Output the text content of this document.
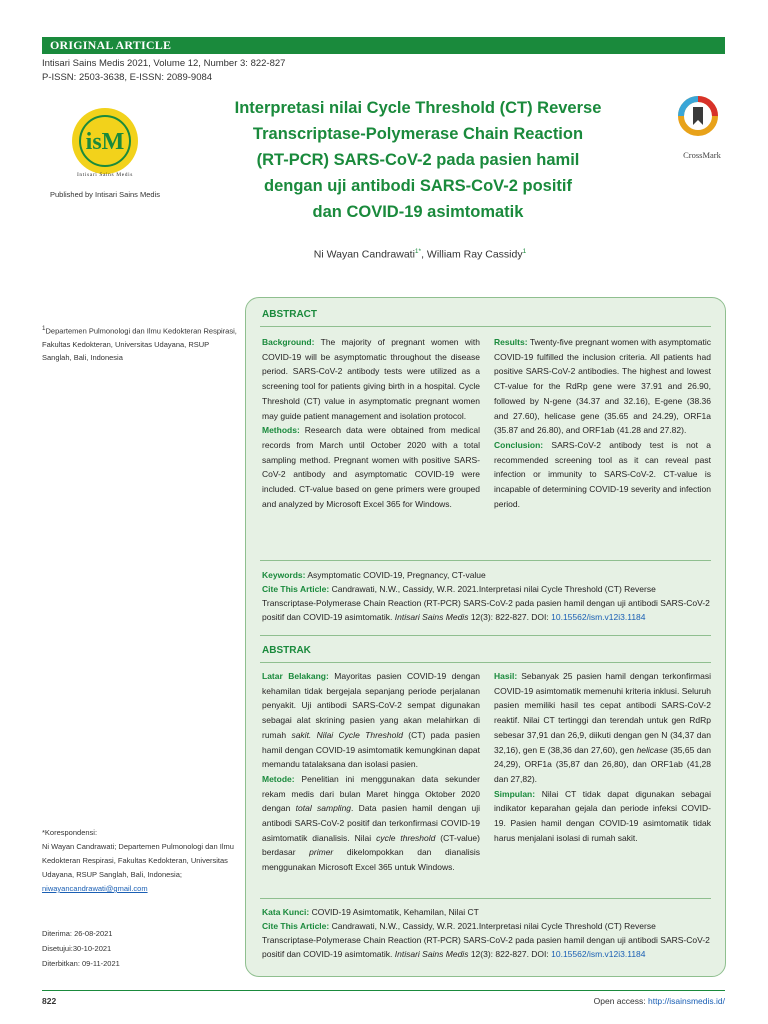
ORIGINAL ARTICLE
Intisari Sains Medis 2021, Volume 12, Number 3: 822-827
P-ISSN: 2503-3638, E-ISSN: 2089-9084
isM
Intisari Sains Medis
Published by Intisari Sains Medis
Interpretasi nilai Cycle Threshold (CT) Reverse
Transcriptase-Polymerase Chain Reaction
(RT-PCR) SARS-CoV-2 pada pasien hamil
dengan uji antibodi SARS-CoV-2 positif
dan COVID-19 asimtomatik
CrossMark
Ni Wayan Candrawati$^{1*}$, William Ray Cassidy$^1$
$^1$Departemen Pulmonologi dan Ilmu Kedokteran Respirasi, Fakultas Kedokteran, Universitas Udayana, RSUP Sanglah, Bali, Indonesia
ABSTRACT
Background: The majority of pregnant women with COVID-19 will be asymptomatic throughout the disease period. SARS-CoV-2 antibody tests were utilized as a screening tool for patients giving birth in a hospital. Cycle Threshold (CT) value in asymptomatic pregnant women may guide patient management and isolation protocol.
Methods: Research data were obtained from medical records from March until October 2020 with a total sampling method. Pregnant women with positive SARS-CoV-2 antibody and asymptomatic COVID-19 were included. CT-value based on gene primers were grouped and analyzed by Microsoft Excel 365 for Windows.
Results: Twenty-five pregnant women with asymptomatic COVID-19 fulfilled the inclusion criteria. All patients had positive SARS-CoV-2 antibodies. The highest and lowest CT-value for the RdRp gene were 37.91 and 26.90, followed by N-gene (34.37 and 32.16), E-gene (38.36 and 27.60), helicase gene (35.65 and 24.29), ORF1a (35.87 and 26.80), and ORF1ab (41.28 and 27.82).
Conclusion: SARS-CoV-2 antibody test is not a recommended screening tool as it can reveal past infection or immunity to SARS-CoV-2. CT-value is incapable of determining COVID-19 severity and infection period.
Keywords: Asymptomatic COVID-19, Pregnancy, CT-value
Cite This Article: Candrawati, N.W., Cassidy, W.R. 2021.Interpretasi nilai Cycle Threshold (CT) Reverse Transcriptase-Polymerase Chain Reaction (RT-PCR) SARS-CoV-2 pada pasien hamil dengan uji antibodi SARS-CoV-2 positif dan COVID-19 asimtomatik. Intisari Sains Medis 12(3): 822-827. DOI: 10.15562/ism.v12i3.1184
ABSTRAK
Latar Belakang: Mayoritas pasien COVID-19 dengan kehamilan tidak bergejala sepanjang periode perjalanan penyakit. Uji antibodi SARS-CoV-2 sempat digunakan sebagai alat skrining pasien yang akan melahirkan di rumah sakit. Nilai Cycle Threshold (CT) pada pasien hamil dengan COVID-19 asimtomatik kemungkinan dapat memandu tatalaksana dan isolasi pasien.
Metode: Penelitian ini menggunakan data sekunder rekam medis dari bulan Maret hingga Oktober 2020 dengan total sampling. Data pasien hamil dengan uji antibodi SARS-CoV-2 positif dan terkonfirmasi COVID-19 asimtomatik dianalisis. Nilai cycle threshold (CT-value) berdasar primer dikelompokkan dan dianalisis menggunakan Microsoft Excel 365 untuk Windows.
Hasil: Sebanyak 25 pasien hamil dengan terkonfirmasi COVID-19 asimtomatik memenuhi kriteria inklusi. Seluruh pasien memiliki hasil tes cepat antibodi SARS-CoV-2 reaktif. Nilai CT tertinggi dan terendah untuk gen RdRp sebesar 37,91 dan 26,9, diikuti dengan gen N (34,37 dan 32,16), gen E (38,36 dan 27,60), gen helicase (35,65 dan 24,29), ORF1a (35,87 dan 26,80), dan ORF1ab (41,28 dan 27,82).
Simpulan: Nilai CT tidak dapat digunakan sebagai indikator keparahan gejala dan periode infeksi COVID-19. Pasien hamil dengan COVID-19 asimtomatik tidak harus menjalani isolasi di rumah sakit.
Kata Kunci: COVID-19 Asimtomatik, Kehamilan, Nilai CT
Cite This Article: Candrawati, N.W., Cassidy, W.R. 2021.Interpretasi nilai Cycle Threshold (CT) Reverse Transcriptase-Polymerase Chain Reaction (RT-PCR) SARS-CoV-2 pada pasien hamil dengan uji antibodi SARS-CoV-2 positif dan COVID-19 asimtomatik. Intisari Sains Medis 12(3): 822-827. DOI: 10.15562/ism.v12i3.1184
*Korespondensi:
Ni Wayan Candrawati; Departemen Pulmonologi dan Ilmu Kedokteran Respirasi, Fakultas Kedokteran, Universitas Udayana, RSUP Sanglah, Bali, Indonesia;
niwayancandrawati@gmail.com
Diterima: 26-08-2021
Disetujui:30-10-2021
Diterbitkan: 09-11-2021
822	Open access: http://isainsmedis.id/
